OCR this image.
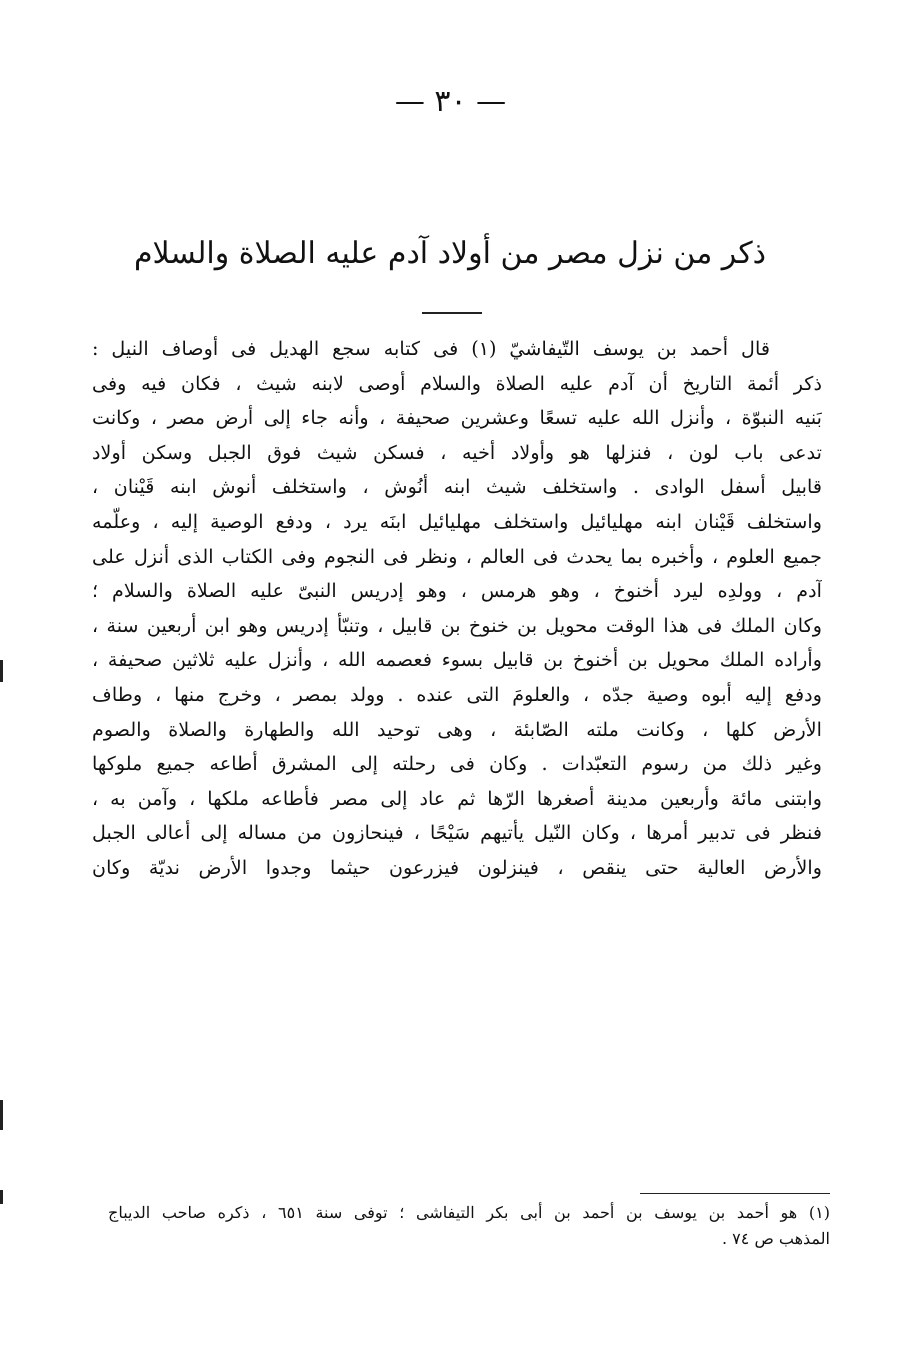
— ٣٠ —
ذكر من نزل مصر من أولاد آدم عليه الصلاة والسلام
قال أحمد بن يوسف التّيفاشيّ (١) فى كتابه سجع الهديل فى أوصاف النيل :
ذكر أئمة التاريخ أن آدم عليه الصلاة والسلام أوصى لابنه شيث ، فكان فيه وفى
بَنيه النبوّة ، وأنزل الله عليه تسعًا وعشرين صحيفة ، وأنه جاء إلى أرض مصر ، وكانت
تدعى باب لون ، فنزلها هو وأولاد أخيه ، فسكن شيث فوق الجبل وسكن أولاد
قابيل أسفل الوادى . واستخلف شيث ابنه أنُوش ، واستخلف أنوش ابنه قَيْنان ،
واستخلف قَيْنان ابنه مهليائيل واستخلف مهليائيل ابنَه يرد ، ودفع الوصية إليه ، وعلّمه
جميع العلوم ، وأخبره بما يحدث فى العالم ، ونظر فى النجوم وفى الكتاب الذى أنزل على
آدم ، وولدِه ليرد أخنوخ ، وهو هرمس ، وهو إدريس النبىّ عليه الصلاة والسلام ؛
وكان الملك فى هذا الوقت محويل بن خنوخ بن قابيل ، وتنبّأ إدريس وهو ابن أربعين سنة ،
وأراده الملك محويل بن أخنوخ بن قابيل بسوء فعصمه الله ، وأنزل عليه ثلاثين صحيفة ،
ودفع إليه أبوه وصية جدّه ، والعلومَ التى عنده . وولد بمصر ، وخرج منها ، وطاف
الأرض كلها ، وكانت ملته الصّابئة ، وهى توحيد الله والطهارة والصلاة والصوم
وغير ذلك من رسوم التعبّدات . وكان فى رحلته إلى المشرق أطاعه جميع ملوكها
وابتنى مائة وأربعين مدينة أصغرها الرّها ثم عاد إلى مصر فأطاعه ملكها ، وآمن به ،
فنظر فى تدبير أمرها ، وكان النّيل يأتيهم سَيْحًا ، فينحازون من مساله إلى أعالى الجبل
والأرض العالية حتى ينقص ، فينزلون فيزرعون حيثما وجدوا الأرض نديّة وكان
(١) هو أحمد بن يوسف بن أحمد بن أبى بكر التيفاشى ؛ توفى سنة ٦٥١ ، ذكره صاحب الديباج
المذهب ص ٧٤ .
